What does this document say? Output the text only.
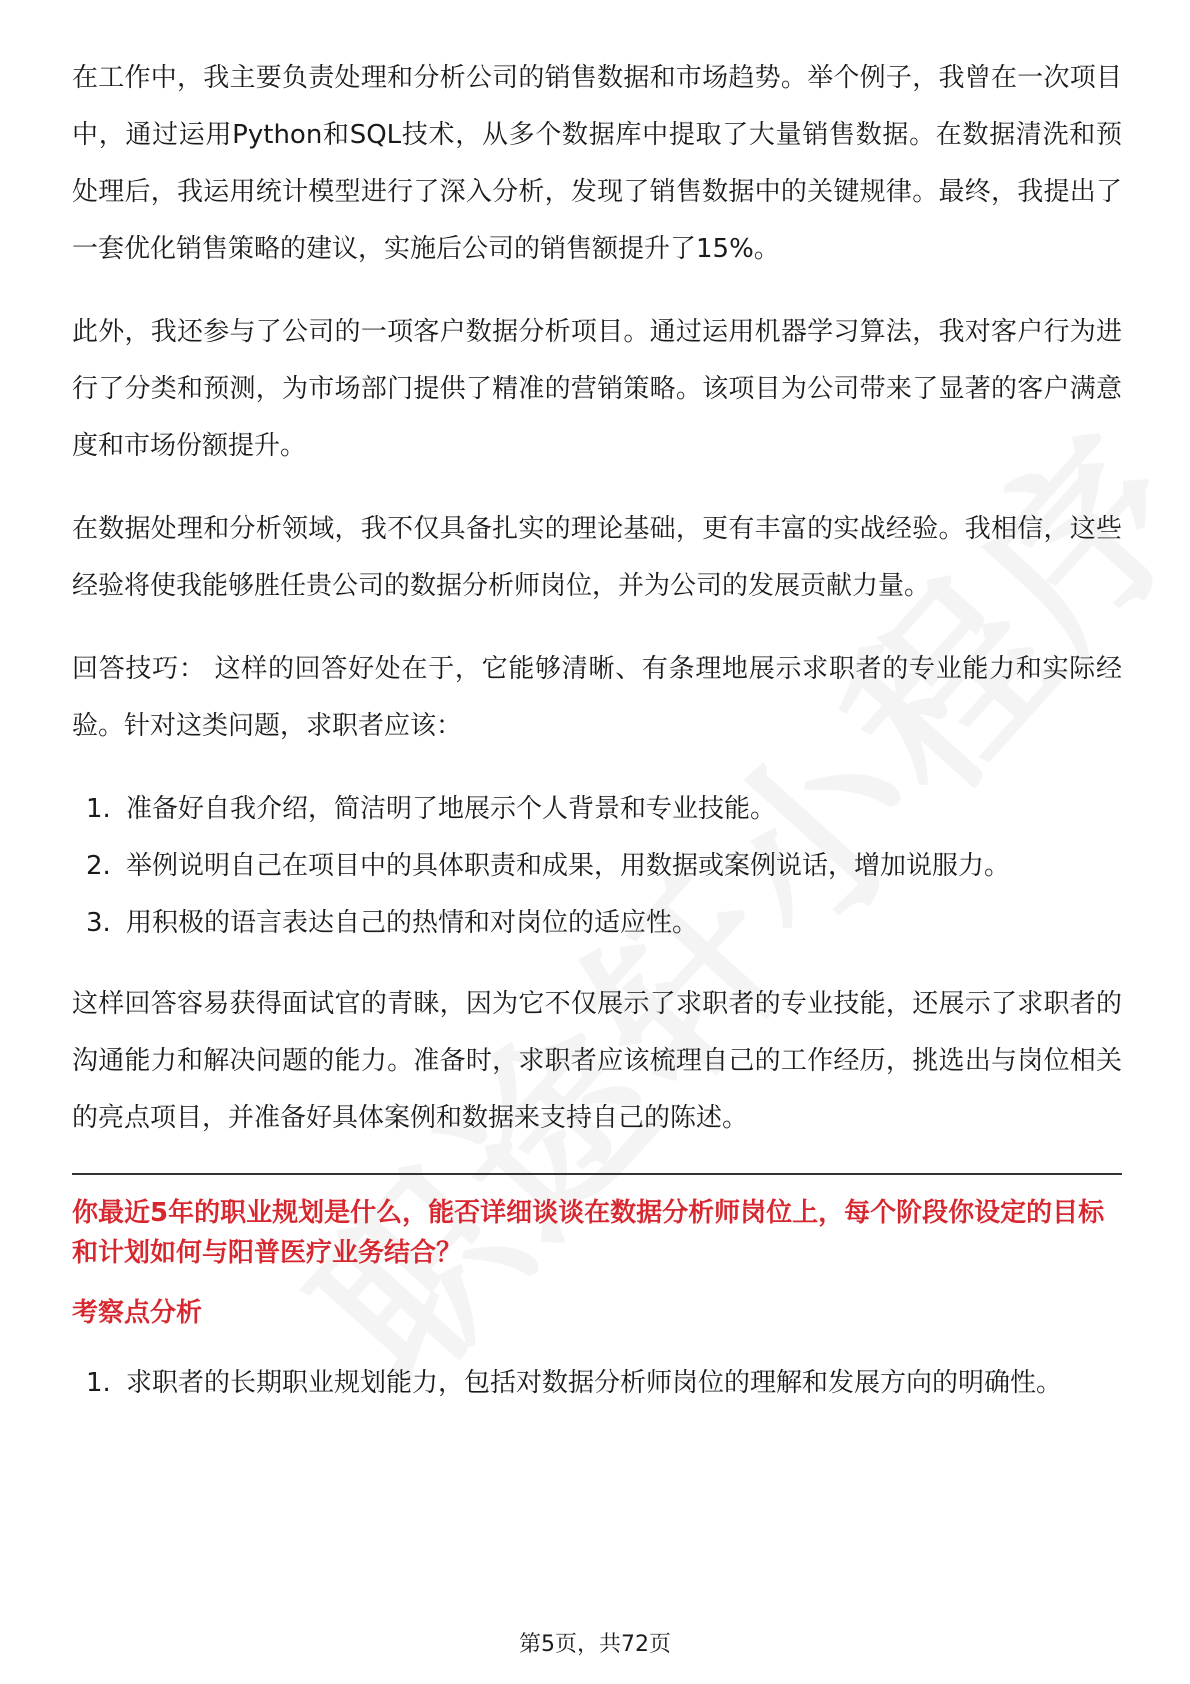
在工作中，我主要负责处理和分析公司的销售数据和市场趋势。举个例子，我曾在一次项目中，通过运用Python和SQL技术，从多个数据库中提取了大量销售数据。在数据清洗和预处理后，我运用统计模型进行了深入分析，发现了销售数据中的关键规律。最终，我提出了一套优化销售策略的建议，实施后公司的销售额提升了15%。

此外，我还参与了公司的一项客户数据分析项目。通过运用机器学习算法，我对客户行为进行了分类和预测，为市场部门提供了精准的营销策略。该项目为公司带来了显著的客户满意度和市场份额提升。

在数据处理和分析领域，我不仅具备扎实的理论基础，更有丰富的实战经验。我相信，这些经验将使我能够胜任贵公司的数据分析师岗位，并为公司的发展贡献力量。

回答技巧： 这样的回答好处在于，它能够清晰、有条理地展示求职者的专业能力和实际经验。针对这类问题，求职者应该：

1. 准备好自我介绍，简洁明了地展示个人背景和专业技能。
2. 举例说明自己在项目中的具体职责和成果，用数据或案例说话，增加说服力。
3. 用积极的语言表达自己的热情和对岗位的适应性。

这样回答容易获得面试官的青睐，因为它不仅展示了求职者的专业技能，还展示了求职者的沟通能力和解决问题的能力。准备时，求职者应该梳理自己的工作经历，挑选出与岗位相关的亮点项目，并准备好具体案例和数据来支持自己的陈述。

你最近5年的职业规划是什么，能否详细谈谈在数据分析师岗位上，每个阶段你设定的目标和计划如何与阳普医疗业务结合？
考察点分析
1. 求职者的长期职业规划能力，包括对数据分析师岗位的理解和发展方向的明确性。
第5页，共72页
